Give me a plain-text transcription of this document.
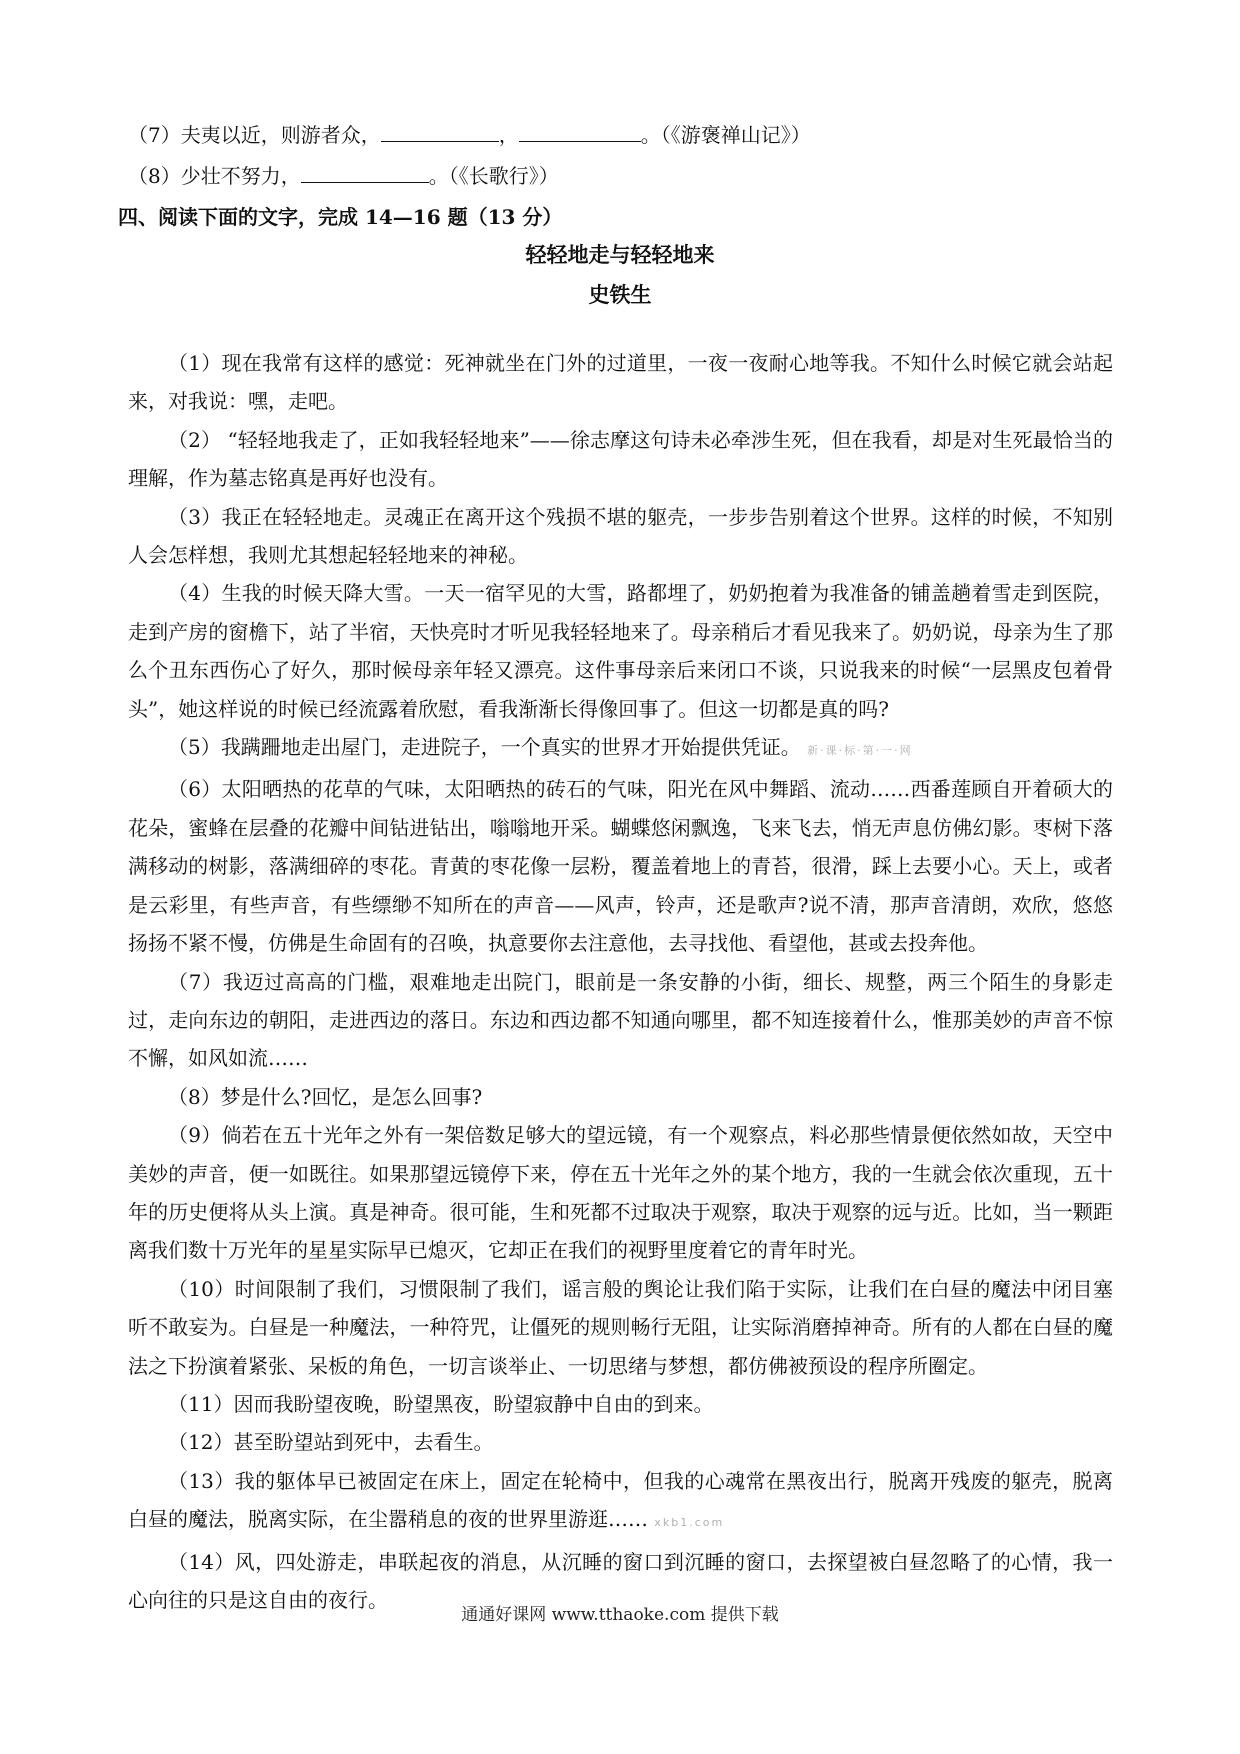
（7）夫夷以近，则游者众，	，	。（《游褒禅山记》）
（8）少壮不努力，	。（《长歌行》）
四、阅读下面的文字，完成 14—16 题（13 分）
轻轻地走与轻轻地来
史铁生

（1）现在我常有这样的感觉：死神就坐在门外的过道里，一夜一夜耐心地等我。不知什么时候它就会站起来，对我说：嘿，走吧。

（2） “轻轻地我走了，正如我轻轻地来”——徐志摩这句诗未必牵涉生死，但在我看，却是对生死最恰当的理解，作为墓志铭真是再好也没有。

（3）我正在轻轻地走。灵魂正在离开这个残损不堪的躯壳，一步步告别着这个世界。这样的时候，不知别人会怎样想，我则尤其想起轻轻地来的神秘。

（4）生我的时候天降大雪。一天一宿罕见的大雪，路都埋了，奶奶抱着为我准备的铺盖趟着雪走到医院，走到产房的窗檐下，站了半宿，天快亮时才听见我轻轻地来了。母亲稍后才看见我来了。奶奶说，母亲为生了那么个丑东西伤心了好久，那时候母亲年轻又漂亮。这件事母亲后来闭口不谈，只说我来的时候“一层黑皮包着骨头”，她这样说的时候已经流露着欣慰，看我渐渐长得像回事了。但这一切都是真的吗?

（5）我蹒跚地走出屋门，走进院子，一个真实的世界才开始提供凭证。 新·课·标·第·一·网

（6）太阳晒热的花草的气味，太阳晒热的砖石的气味，阳光在风中舞蹈、流动……西番莲顾自开着硕大的花朵，蜜蜂在层叠的花瓣中间钻进钻出，嗡嗡地开采。蝴蝶悠闲飘逸，飞来飞去，悄无声息仿佛幻影。枣树下落满移动的树影，落满细碎的枣花。青黄的枣花像一层粉，覆盖着地上的青苔，很滑，踩上去要小心。天上，或者是云彩里，有些声音，有些缥缈不知所在的声音——风声，铃声，还是歌声?说不清，那声音清朗，欢欣，悠悠扬扬不紧不慢，仿佛是生命固有的召唤，执意要你去注意他，去寻找他、看望他，甚或去投奔他。

（7）我迈过高高的门槛，艰难地走出院门，眼前是一条安静的小街，细长、规整，两三个陌生的身影走过，走向东边的朝阳，走进西边的落日。东边和西边都不知通向哪里，都不知连接着什么，惟那美妙的声音不惊不懈，如风如流……

（8）梦是什么?回忆，是怎么回事?

（9）倘若在五十光年之外有一架倍数足够大的望远镜，有一个观察点，料必那些情景便依然如故，天空中美妙的声音，便一如既往。如果那望远镜停下来，停在五十光年之外的某个地方，我的一生就会依次重现，五十年的历史便将从头上演。真是神奇。很可能，生和死都不过取决于观察，取决于观察的远与近。比如，当一颗距离我们数十万光年的星星实际早已熄灭，它却正在我们的视野里度着它的青年时光。

（10）时间限制了我们，习惯限制了我们，谣言般的舆论让我们陷于实际，让我们在白昼的魔法中闭目塞听不敢妄为。白昼是一种魔法，一种符咒，让僵死的规则畅行无阻，让实际消磨掉神奇。所有的人都在白昼的魔法之下扮演着紧张、呆板的角色，一切言谈举止、一切思绪与梦想，都仿佛被预设的程序所圈定。

（11）因而我盼望夜晚，盼望黑夜，盼望寂静中自由的到来。

（12）甚至盼望站到死中，去看生。

（13）我的躯体早已被固定在床上，固定在轮椅中，但我的心魂常在黑夜出行，脱离开残废的躯壳，脱离白昼的魔法，脱离实际，在尘嚣稍息的夜的世界里游逛…… xkb1.com

（14）风，四处游走，串联起夜的消息，从沉睡的窗口到沉睡的窗口，去探望被白昼忽略了的心情，我一心向往的只是这自由的夜行。

通通好课网 www.tthaoke.com 提供下载
